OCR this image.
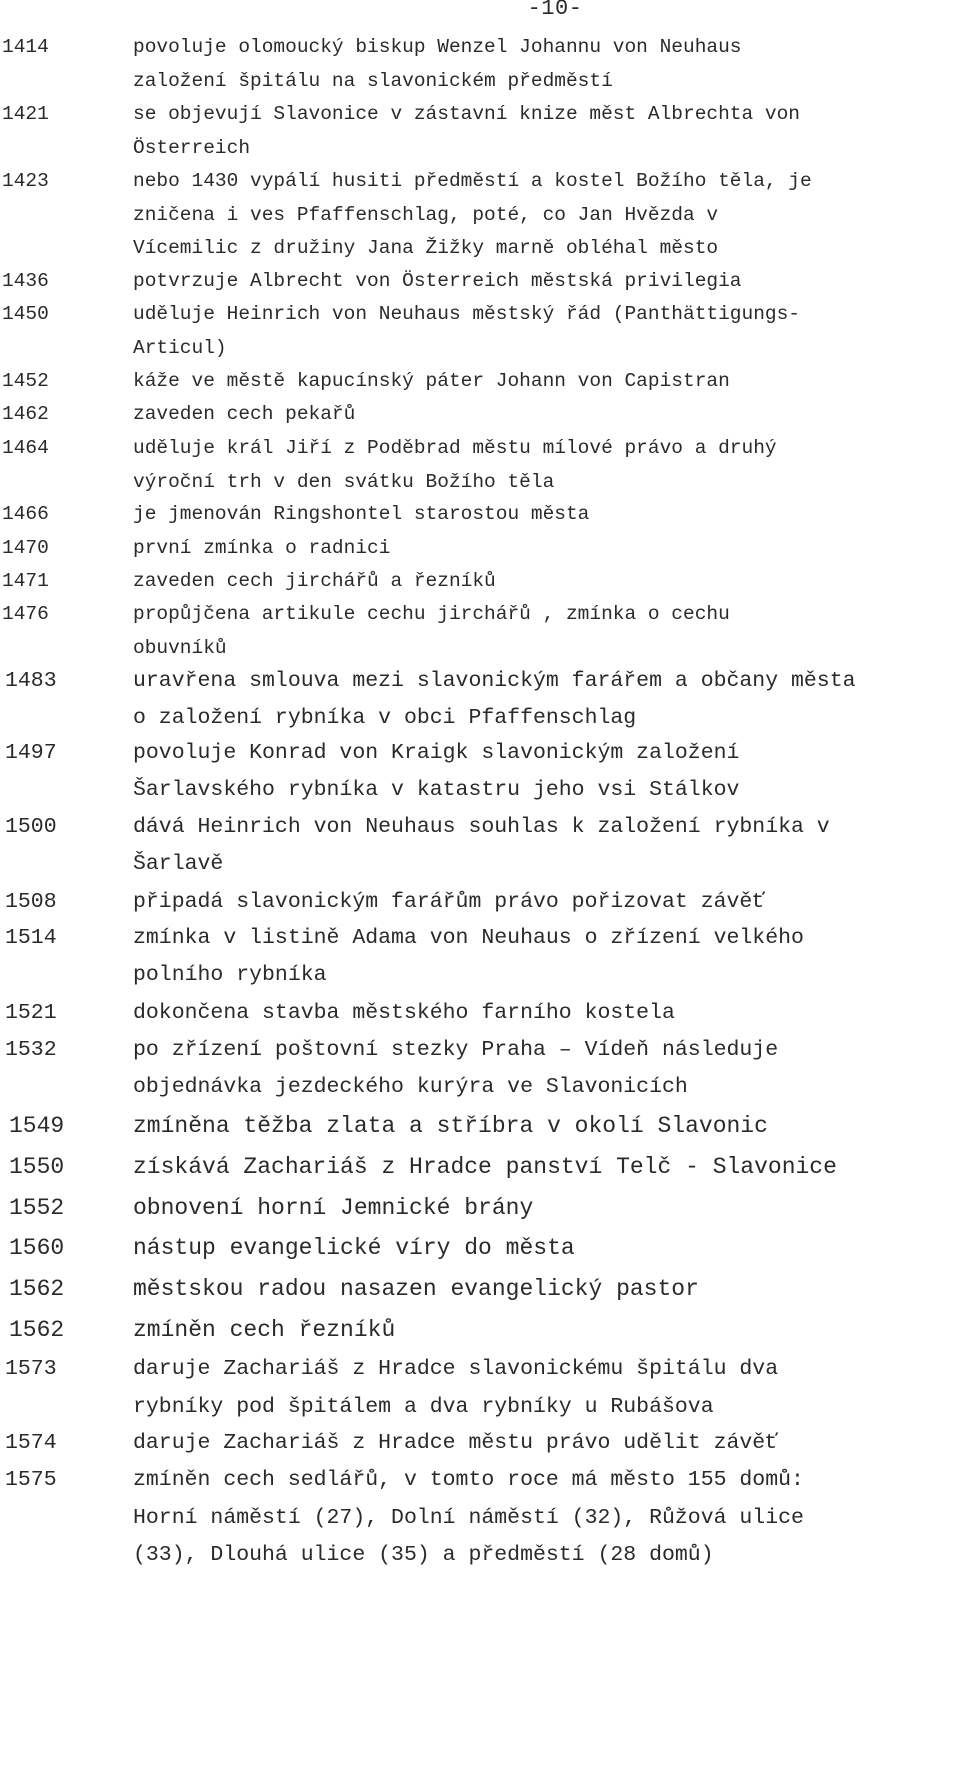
-10-
1414	povoluje olomoucký biskup Wenzel Johannu von Neuhaus
založení špitálu na slavonickém předměstí
1421	se objevují Slavonice v zástavní knize měst Albrechta von
Österreich
1423	nebo 1430 vypálí husiti předměstí a kostel Božího těla, je
zničena i ves Pfaffenschlag, poté, co Jan Hvězda v
Vícemilic z družiny Jana Žižky marně obléhal město
1436	potvrzuje Albrecht von Österreich městská privilegia
1450	uděluje Heinrich von Neuhaus městský řád (Panthättigungs-
Articul)
1452	káže ve městě kapucínský páter Johann von Capistran
1462	zaveden cech pekařů
1464	uděluje král Jiří z Poděbrad městu mílové právo a druhý
výroční trh v den svátku Božího těla
1466	je jmenován Ringshontel starostou města
1470	první zmínka o radnici
1471	zaveden cech jirchářů a řezníků
1476	propůjčena artikule cechu jirchářů , zmínka o cechu
obuvníků
1483	uravřena smlouva mezi slavonickým farářem a občany města
o založení rybníka v obci Pfaffenschlag
1497	povoluje Konrad von Kraigk slavonickým založení
Šarlavského rybníka v katastru jeho vsi Stálkov
1500	dává Heinrich von Neuhaus souhlas k založení rybníka v
Šarlavě
1508	připadá slavonickým farářům právo pořizovat závěť
1514	zmínka v listině Adama von Neuhaus o zřízení velkého
polního rybníka
1521	dokončena stavba městského farního kostela
1532	po zřízení poštovní stezky Praha – Vídeň následuje
objednávka jezdeckého kurýra ve Slavonicích
1549	zmíněna těžba zlata a stříbra v okolí Slavonic
1550	získává Zachariáš z Hradce panství Telč - Slavonice
1552	obnovení horní Jemnické brány
1560	nástup evangelické víry do města
1562	městskou radou nasazen evangelický pastor
1562	zmíněn cech řezníků
1573	daruje Zachariáš z Hradce slavonickému špitálu dva
rybníky pod špitálem a dva rybníky u Rubášova
1574	daruje Zachariáš z Hradce městu právo udělit závěť
1575	zmíněn cech sedlářů, v tomto roce má město 155 domů:
Horní náměstí (27), Dolní náměstí (32), Růžová ulice
(33), Dlouhá ulice (35) a předměstí (28 domů)
